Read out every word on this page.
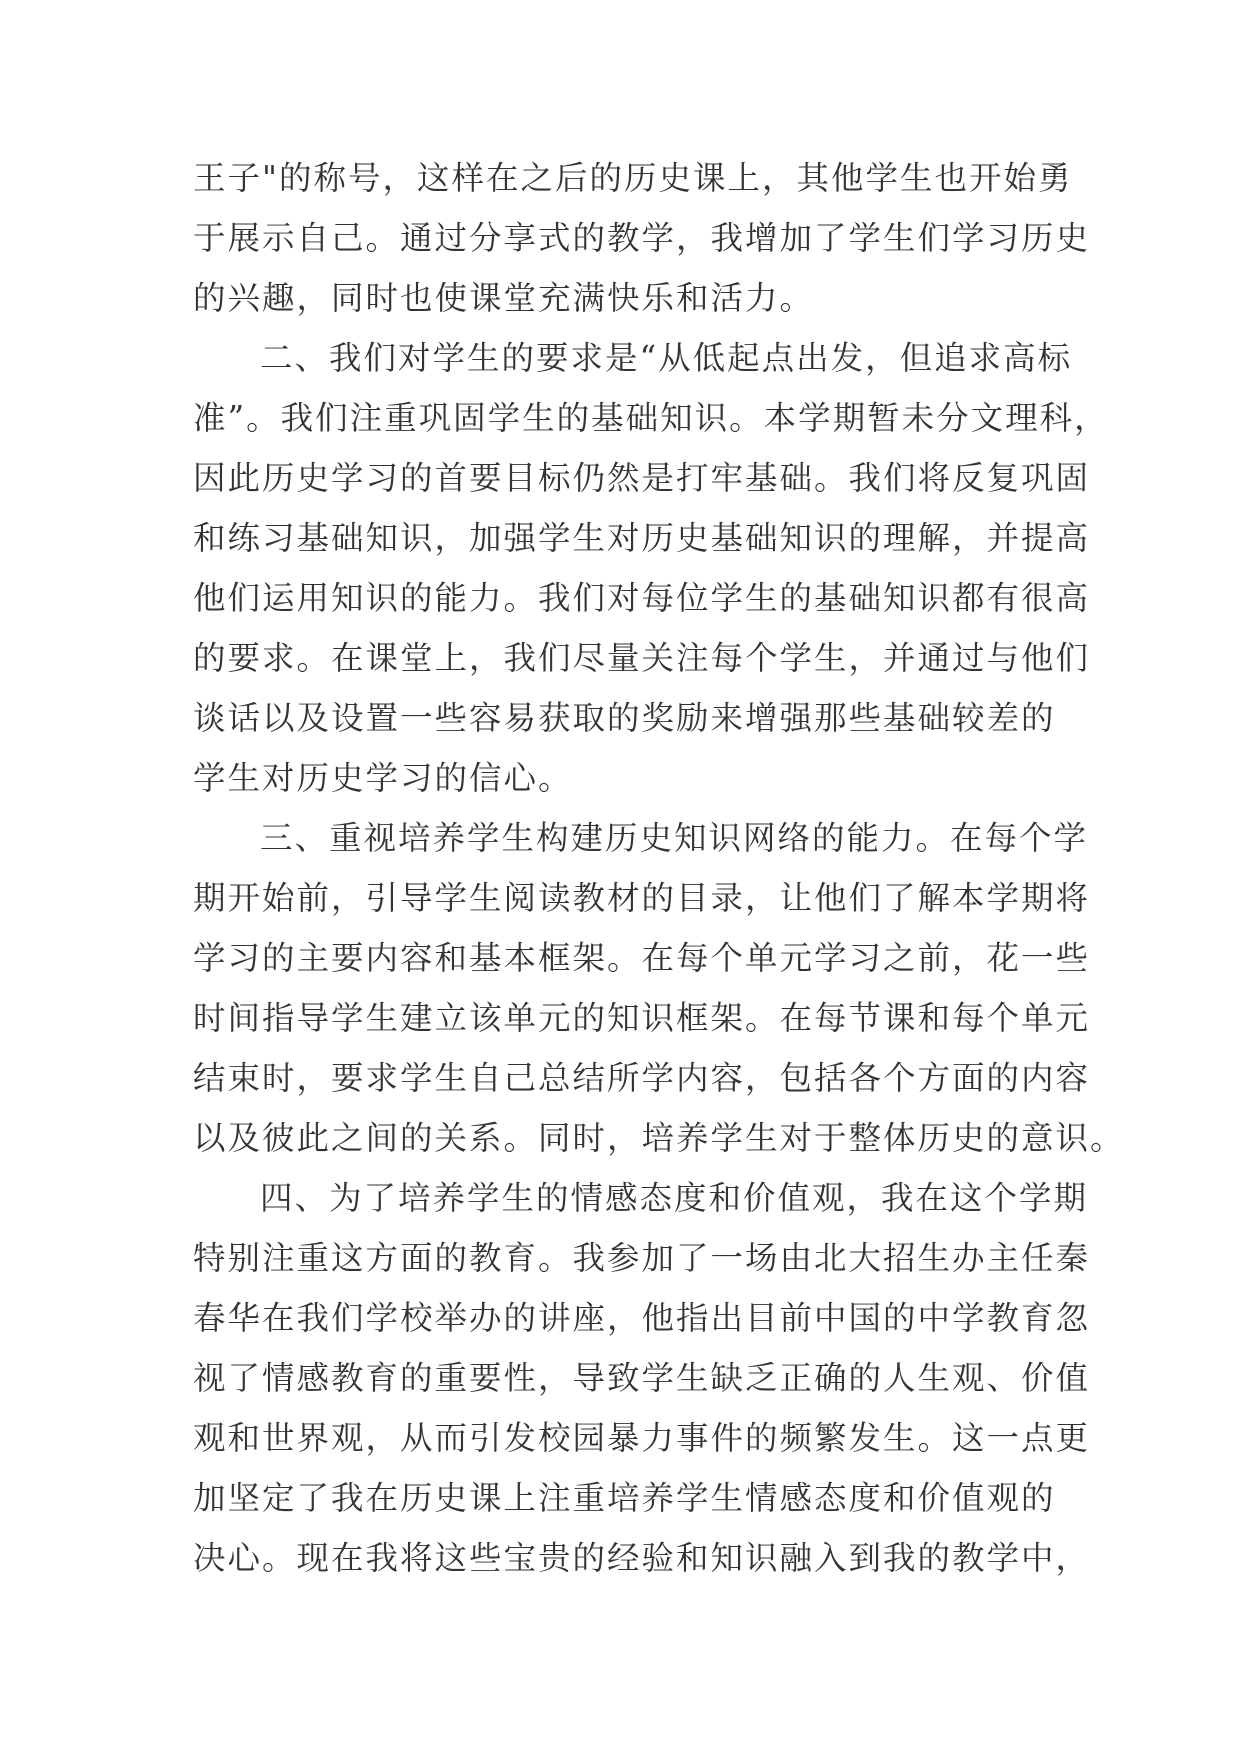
王子"的称号，这样在之后的历史课上，其他学生也开始勇
于展示自己。通过分享式的教学，我增加了学生们学习历史
的兴趣，同时也使课堂充满快乐和活力。
二、我们对学生的要求是“从低起点出发，但追求高标
准”。我们注重巩固学生的基础知识。本学期暂未分文理科，
因此历史学习的首要目标仍然是打牢基础。我们将反复巩固
和练习基础知识，加强学生对历史基础知识的理解，并提高
他们运用知识的能力。我们对每位学生的基础知识都有很高
的要求。在课堂上，我们尽量关注每个学生，并通过与他们
谈话以及设置一些容易获取的奖励来增强那些基础较差的
学生对历史学习的信心。
三、重视培养学生构建历史知识网络的能力。在每个学
期开始前，引导学生阅读教材的目录，让他们了解本学期将
学习的主要内容和基本框架。在每个单元学习之前，花一些
时间指导学生建立该单元的知识框架。在每节课和每个单元
结束时，要求学生自己总结所学内容，包括各个方面的内容
以及彼此之间的关系。同时，培养学生对于整体历史的意识。
四、为了培养学生的情感态度和价值观，我在这个学期
特别注重这方面的教育。我参加了一场由北大招生办主任秦
春华在我们学校举办的讲座，他指出目前中国的中学教育忽
视了情感教育的重要性，导致学生缺乏正确的人生观、价值
观和世界观，从而引发校园暴力事件的频繁发生。这一点更
加坚定了我在历史课上注重培养学生情感态度和价值观的
决心。现在我将这些宝贵的经验和知识融入到我的教学中，
